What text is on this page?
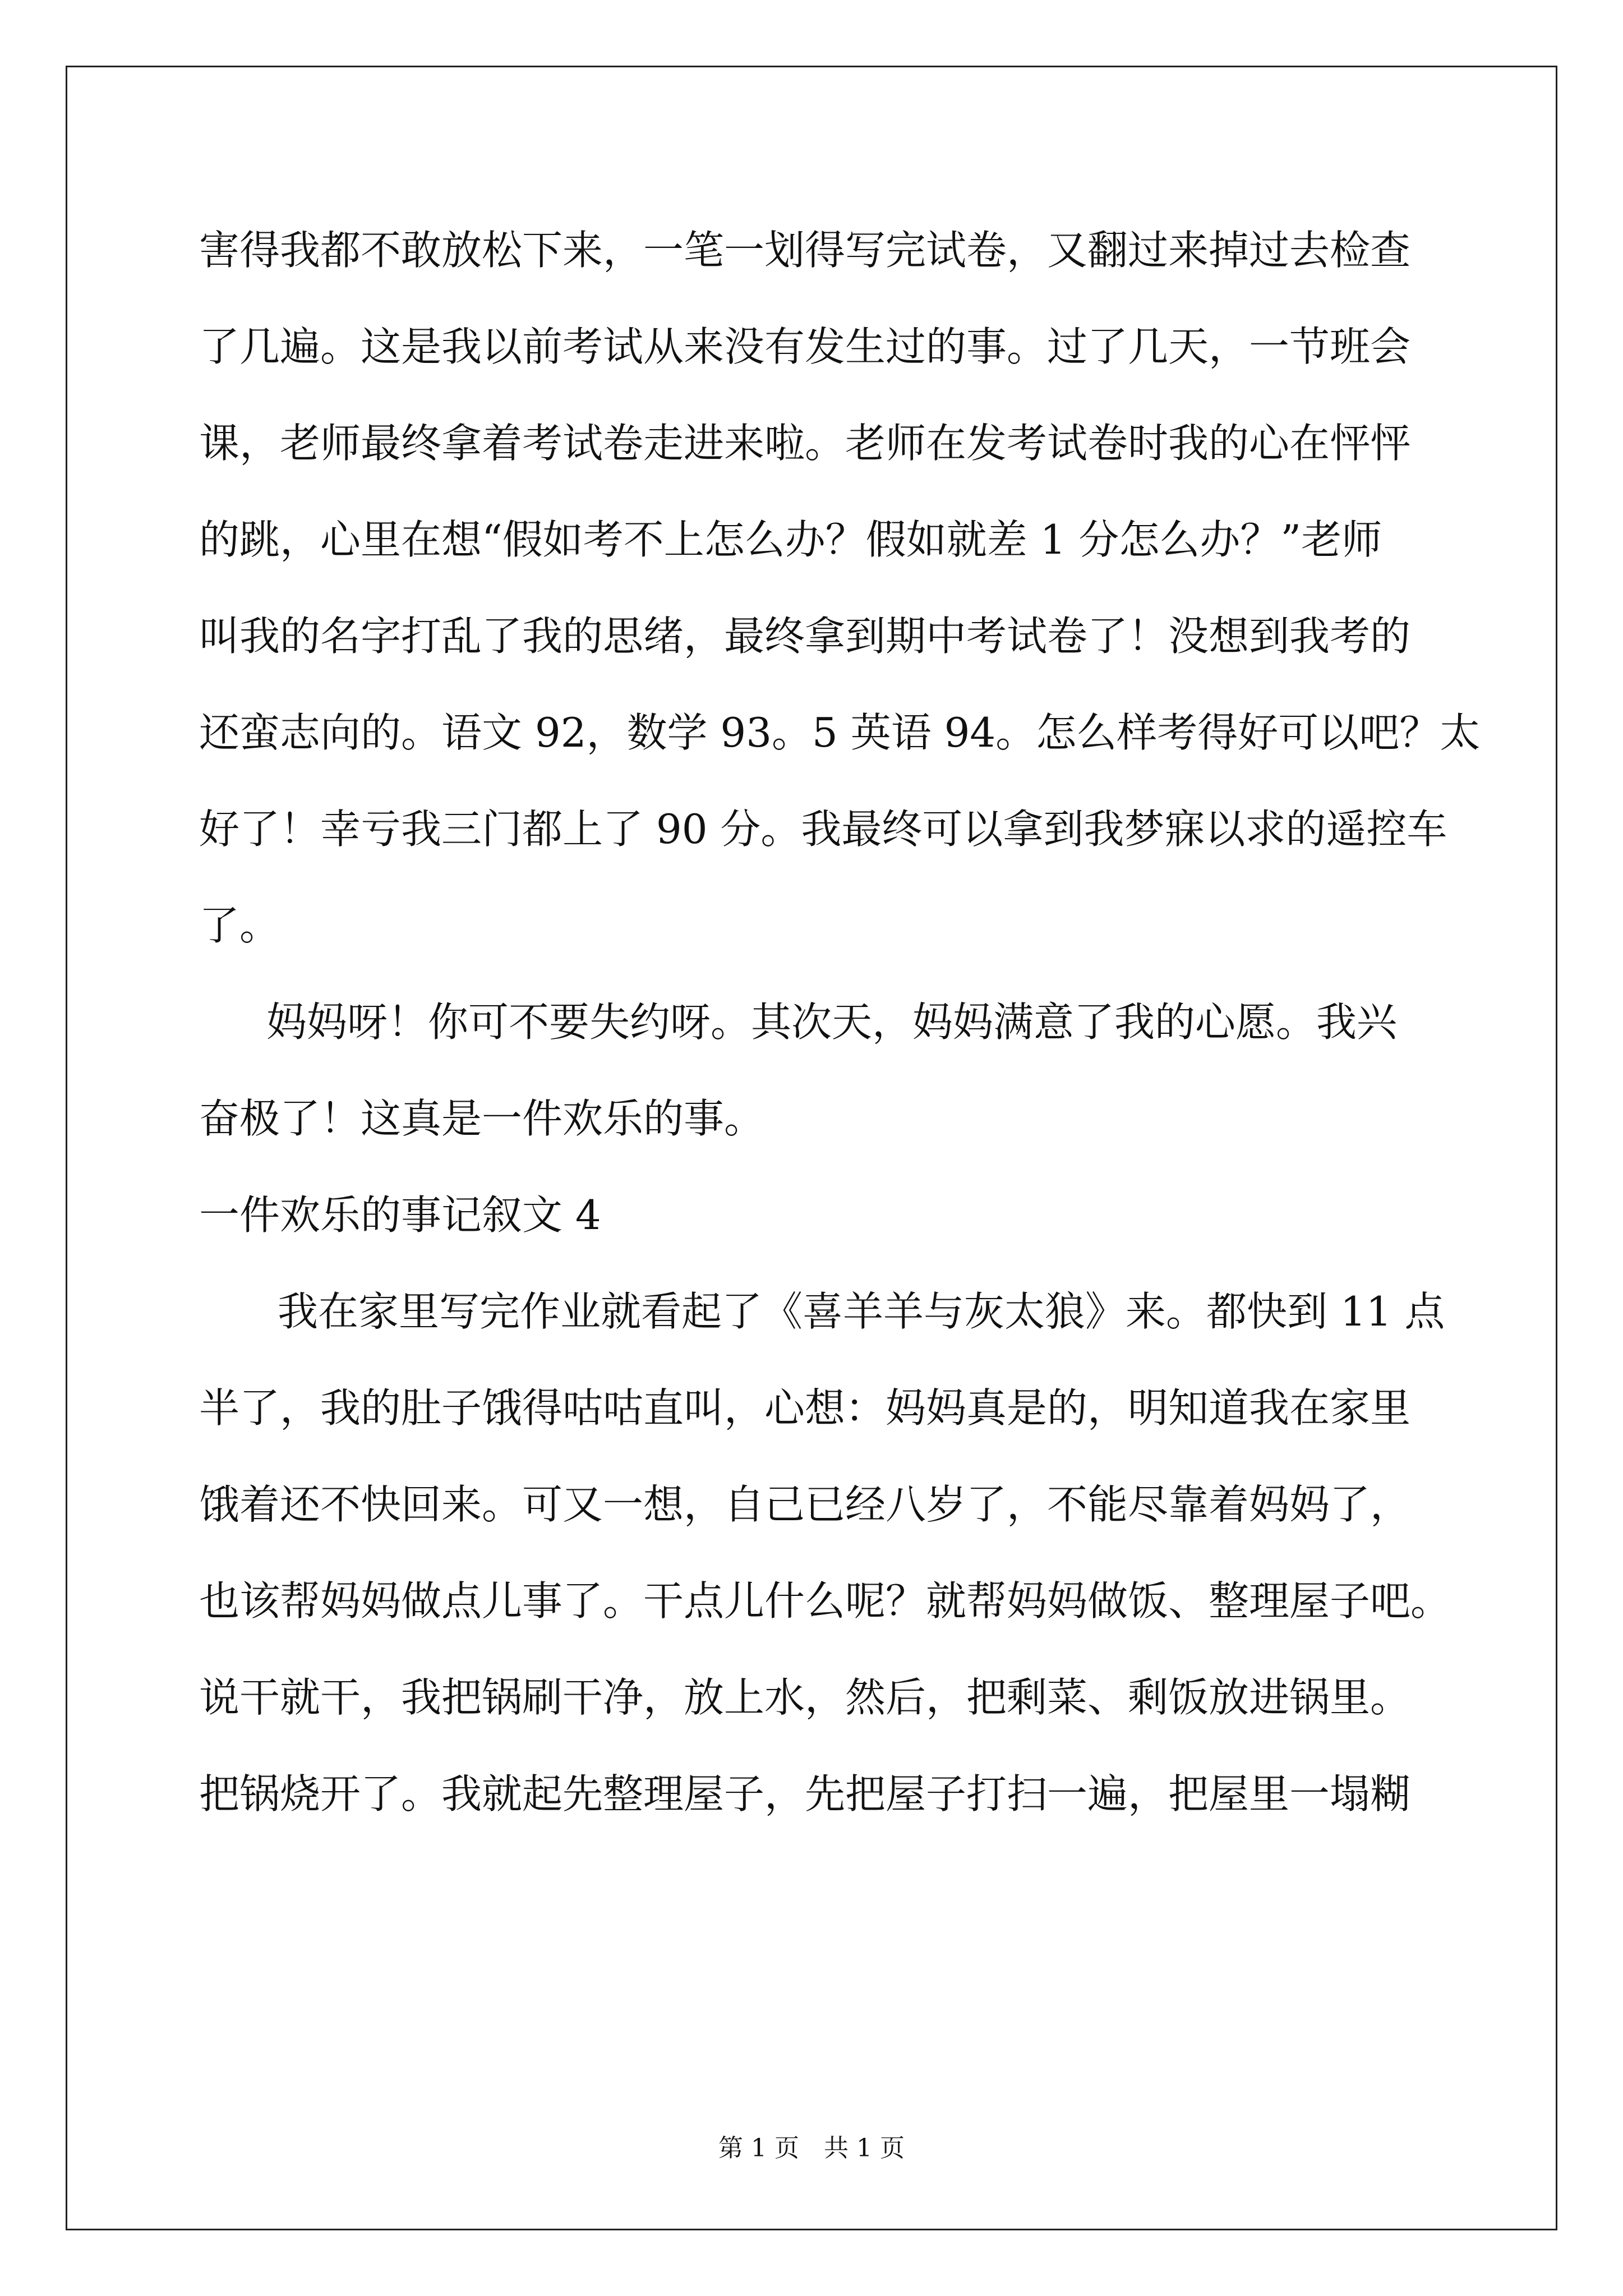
害得我都不敢放松下来，一笔一划得写完试卷，又翻过来掉过去检查
了几遍。这是我以前考试从来没有发生过的事。过了几天，一节班会
课，老师最终拿着考试卷走进来啦。老师在发考试卷时我的心在怦怦
的跳，心里在想“假如考不上怎么办？假如就差 1 分怎么办？”老师
叫我的名字打乱了我的思绪，最终拿到期中考试卷了！没想到我考的
还蛮志向的。语文 92，数学 93。5 英语 94。怎么样考得好可以吧？太
好了！幸亏我三门都上了 90 分。我最终可以拿到我梦寐以求的遥控车
了。
妈妈呀！你可不要失约呀。其次天，妈妈满意了我的心愿。我兴
奋极了！这真是一件欢乐的事。
一件欢乐的事记叙文 4
我在家里写完作业就看起了《喜羊羊与灰太狼》来。都快到 11 点
半了，我的肚子饿得咕咕直叫，心想：妈妈真是的，明知道我在家里
饿着还不快回来。可又一想，自己已经八岁了，不能尽靠着妈妈了，
也该帮妈妈做点儿事了。干点儿什么呢？就帮妈妈做饭、整理屋子吧。
说干就干，我把锅刷干净，放上水，然后，把剩菜、剩饭放进锅里。
把锅烧开了。我就起先整理屋子，先把屋子打扫一遍，把屋里一塌糊
第 1 页　共 1 页
